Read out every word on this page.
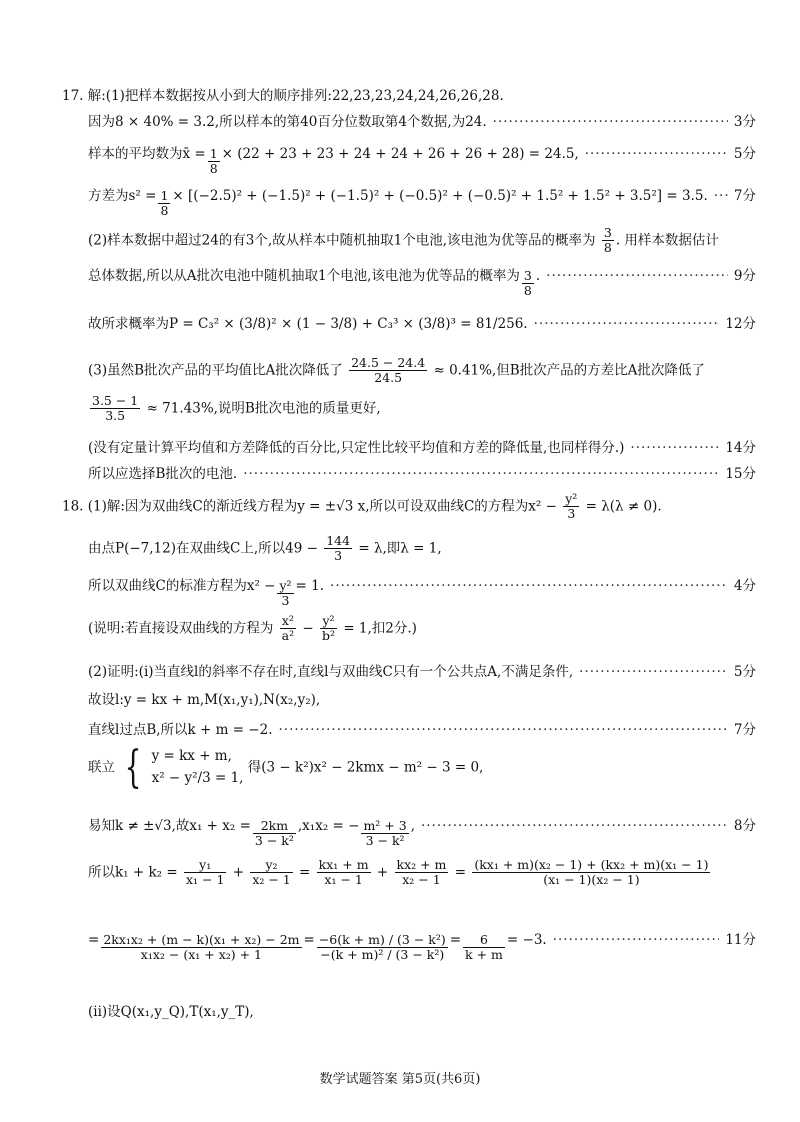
17. 解:(1)把样本数据按从小到大的顺序排列:22,23,23,24,24,26,26,28.
因为8 × 40% = 3.2,所以样本的第40百分位数取第4个数据,为24. ·····	3分
样本的平均数为x̄ = $\frac{1}{8} \times (22 + 23 + 23 + 24 + 24 + 26 + 26 + 28) = 24.5$, ·····	5分
方差为$s^2 = \frac{1}{8} \times [(-2.5)^2 + (-1.5)^2 + (-1.5)^2 + (-0.5)^2 + (-0.5)^2 + 1.5^2 + 1.5^2 + 3.5^2] = 3.5$. ····· 7分
(2)样本数据中超过24的有3个,故从样本中随机抽取1个电池,该电池为优等品的概率为 $\frac{3}{8}$ . 用样本数据估计
总体数据,所以从A批次电池中随机抽取1个电池,该电池为优等品的概率为 $\frac{3}{8}$ . ·····	9分
故所求概率为P = C₃² × (3/8)² × (1 − 3/8) + C₃³ × (3/8)³ = 81/256. ·····	12分
(3)虽然B批次产品的平均值比A批次降低了 $\frac{24.5 - 24.4}{24.5} \approx 0.41\%$,但B批次产品的方差比A批次降低了
$\frac{3.5 - 1}{3.5} \approx 71.43\%$,说明B批次电池的质量更好,
(没有定量计算平均值和方差降低的百分比,只定性比较平均值和方差的降低量,也同样得分.) ·····	14分
所以应选择B批次的电池. ·····	15分
18. (1)解:因为双曲线C的渐近线方程为y = ±√3 x,所以可设双曲线C的方程为$x^2 - \frac{\text{y²}}{3} = \lambda(\lambda \ne 0)$.
由点P(−7,12)在双曲线C上,所以$49 - \frac{144}{3} = \lambda$,即λ = 1,
所以双曲线C的标准方程为$x^2 - \frac{\text{y²}}{3} = 1$. ·····	4分
(说明:若直接设双曲线的方程为 $\frac{\text{x²}}{\text{a²}} - \frac{\text{y²}}{\text{b²}} = 1$,扣2分.)
(2)证明:(i)当直线l的斜率不存在时,直线l与双曲线C只有一个公共点A,不满足条件, ·····	5分
故设l:y = kx + m,M(x₁,y₁),N(x₂,y₂),
直线l过点B,所以k + m = −2. ·····	7分
联立 { y = kx + m,
x² − y²/3 = 1,
得(3 − k²)x² − 2kmx − m² − 3 = 0,
易知k ≠ ±√3,故$x_1 + x_2 = \frac{2km}{\text{3 − k²}} ,x_1x_2$ = − $\frac{\text{m² + 3}}{\text{3 − k²}}$ , ·····	8分
所以$k_1 + k_2 = \frac{\text{y₁}}{\text{x₁ − 1}} + \frac{\text{y₂}}{\text{x₂ − 1}} = \frac{\text{kx₁ + m}}{\text{x₁ − 1}} + \frac{\text{kx₂ + m}}{\text{x₂ − 1}} = \frac{\text{(kx₁ + m)(x₂ − 1) + (kx₂ + m)(x₁ − 1)}}{\text{(x₁ − 1)(x₂ − 1)}}$
= $\frac{\text{2kx₁x₂ + (m − k)(x₁ + x₂) − 2m}}{\text{x₁x₂ − (x₁ + x₂) + 1}} = \frac{\text{−6(k + m) / (3 − k²)}}{\text{−(k + m)² / (3 − k²)}} = \frac{6}{k + m} = -3$. ·····	11分
(ii)设Q(x₁,y_Q),T(x₁,y_T),
数学试题答案 第5页(共6页)
